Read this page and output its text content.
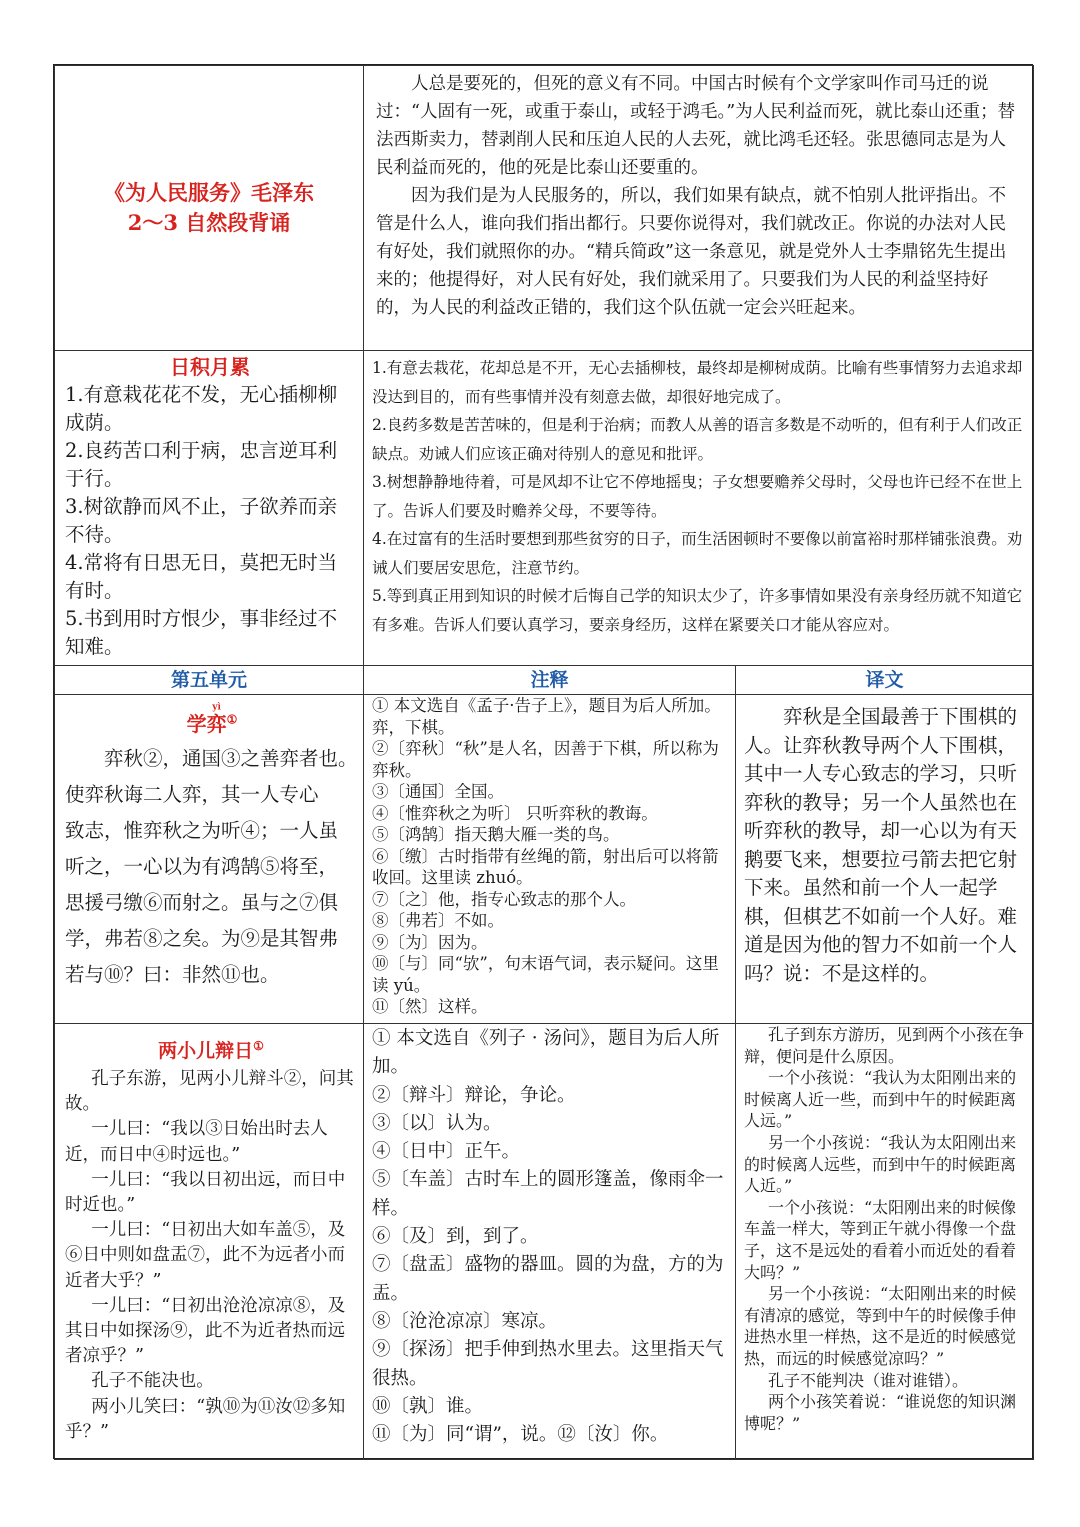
《为人民服务》毛泽东
2～3 自然段背诵

人总是要死的，但死的意义有不同。中国古时候有个文学家叫作司马迁的说过：“人固有一死，或重于泰山，或轻于鸿毛。”为人民利益而死，就比泰山还重；替法西斯卖力，替剥削人民和压迫人民的人去死，就比鸿毛还轻。张思德同志是为人民利益而死的，他的死是比泰山还要重的。

因为我们是为人民服务的，所以，我们如果有缺点，就不怕别人批评指出。不管是什么人，谁向我们指出都行。只要你说得对，我们就改正。你说的办法对人民有好处，我们就照你的办。“精兵简政”这一条意见，就是党外人士李鼎铭先生提出来的；他提得好，对人民有好处，我们就采用了。只要我们为人民的利益坚持好的，为人民的利益改正错的，我们这个队伍就一定会兴旺起来。

日积月累

1.有意栽花花不发，无心插柳柳成荫。

2.良药苦口利于病，忠言逆耳利于行。

3.树欲静而风不止，子欲养而亲不待。

4.常将有日思无日，莫把无时当有时。

5.书到用时方恨少，事非经过不知难。

1.有意去栽花，花却总是不开，无心去插柳枝，最终却是柳树成荫。比喻有些事情努力去追求却没达到目的，而有些事情并没有刻意去做，却很好地完成了。

2.良药多数是苦苦味的，但是利于治病；而教人从善的语言多数是不动听的，但有利于人们改正缺点。劝诫人们应该正确对待别人的意见和批评。

3.树想静静地待着，可是风却不让它不停地摇曳；子女想要赡养父母时，父母也许已经不在世上了。告诉人们要及时赡养父母，不要等待。

4.在过富有的生活时要想到那些贫穷的日子，而生活困顿时不要像以前富裕时那样铺张浪费。劝诫人们要居安思危，注意节约。

5.等到真正用到知识的时候才后悔自己学的知识太少了，许多事情如果没有亲身经历就不知道它有多难。告诉人们要认真学习，要亲身经历，这样在紧要关口才能从容应对。

第五单元	注释	译文
学弈yì①

弈秋②，通国③之善弈者也。

使弈秋诲二人弈，其一人专心

致志，惟弈秋之为听④；一人虽

听之，一心以为有鸿鹄⑤将至，

思援弓缴⑥而射之。虽与之⑦俱

学，弗若⑧之矣。为⑨是其智弗

若与⑩？曰：非然⑪也。

① 本文选自《孟子·告子上》，题目为后人所加。弈，下棋。

②〔弈秋〕“秋”是人名，因善于下棋，所以称为弈秋。

③〔通国〕全国。

④〔惟弈秋之为听〕 只听弈秋的教诲。

⑤〔鸿鹄〕指天鹅大雁一类的鸟。

⑥〔缴〕古时指带有丝绳的箭，射出后可以将箭收回。这里读 zhuó。

⑦〔之〕他，指专心致志的那个人。

⑧〔弗若〕不如。

⑨〔为〕因为。

⑩〔与〕同“欤”，句末语气词，表示疑问。这里读 yú。

⑪〔然〕这样。

弈秋是全国最善于下围棋的人。让弈秋教导两个人下围棋，其中一人专心致志的学习，只听弈秋的教导；另一个人虽然也在听弈秋的教导，却一心以为有天鹅要飞来，想要拉弓箭去把它射下来。虽然和前一个人一起学棋，但棋艺不如前一个人好。难道是因为他的智力不如前一个人吗？说：不是这样的。

两小儿辩日①

孔子东游，见两小儿辩斗②，问其故。

一儿曰：“我以③日始出时去人近，而日中④时远也。”

一儿曰：“我以日初出远，而日中时近也。”

一儿曰：“日初出大如车盖⑤，及⑥日中则如盘盂⑦，此不为远者小而近者大乎？”

一儿曰：“日初出沧沧凉凉⑧，及其日中如探汤⑨，此不为近者热而远者凉乎？”

孔子不能决也。

两小儿笑曰：“孰⑩为⑪汝⑫多知乎？”

① 本文选自《列子 · 汤问》，题目为后人所加。

②〔辩斗〕辩论，争论。

③〔以〕认为。

④〔日中〕正午。

⑤〔车盖〕古时车上的圆形篷盖，像雨伞一样。

⑥〔及〕到，到了。

⑦〔盘盂〕盛物的器皿。圆的为盘，方的为盂。

⑧〔沧沧凉凉〕寒凉。

⑨〔探汤〕把手伸到热水里去。这里指天气很热。

⑩〔孰〕谁。

⑪〔为〕同“谓”，说。⑫〔汝〕你。

孔子到东方游历，见到两个小孩在争辩，便问是什么原因。

一个小孩说：“我认为太阳刚出来的时候离人近一些，而到中午的时候距离人远。”

另一个小孩说：“我认为太阳刚出来的时候离人远些，而到中午的时候距离人近。”

一个小孩说：“太阳刚出来的时候像车盖一样大，等到正午就小得像一个盘子，这不是远处的看着小而近处的看着大吗？”

另一个小孩说：“太阳刚出来的时候有清凉的感觉，等到中午的时候像手伸进热水里一样热，这不是近的时候感觉热，而远的时候感觉凉吗？”

孔子不能判决（谁对谁错）。

两个小孩笑着说：“谁说您的知识渊博呢？”
